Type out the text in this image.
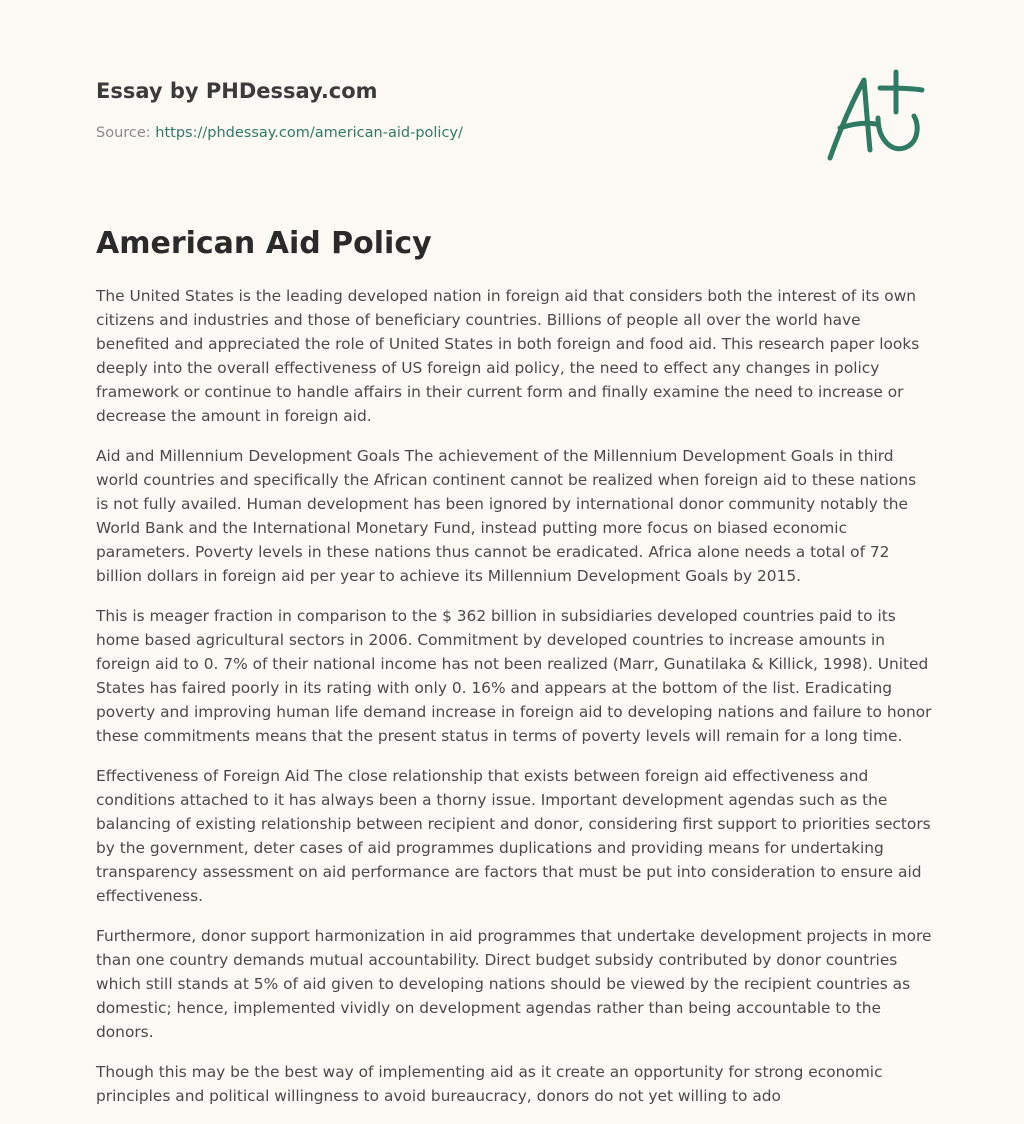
Essay by PHDessay.com
Source: https://phdessay.com/american-aid-policy/
American Aid Policy

The United States is the leading developed nation in foreign aid that considers both the interest of its own citizens and industries and those of beneficiary countries. Billions of people all over the world have benefited and appreciated the role of United States in both foreign and food aid. This research paper looks deeply into the overall effectiveness of US foreign aid policy, the need to effect any changes in policy framework or continue to handle affairs in their current form and finally examine the need to increase or decrease the amount in foreign aid.

Aid and Millennium Development Goals The achievement of the Millennium Development Goals in third world countries and specifically the African continent cannot be realized when foreign aid to these nations is not fully availed. Human development has been ignored by international donor community notably the World Bank and the International Monetary Fund, instead putting more focus on biased economic parameters. Poverty levels in these nations thus cannot be eradicated. Africa alone needs a total of 72 billion dollars in foreign aid per year to achieve its Millennium Development Goals by 2015.

This is meager fraction in comparison to the $ 362 billion in subsidiaries developed countries paid to its home based agricultural sectors in 2006. Commitment by developed countries to increase amounts in foreign aid to 0. 7% of their national income has not been realized (Marr, Gunatilaka & Killick, 1998). United States has faired poorly in its rating with only 0. 16% and appears at the bottom of the list. Eradicating poverty and improving human life demand increase in foreign aid to developing nations and failure to honor these commitments means that the present status in terms of poverty levels will remain for a long time.

Effectiveness of Foreign Aid The close relationship that exists between foreign aid effectiveness and conditions attached to it has always been a thorny issue. Important development agendas such as the balancing of existing relationship between recipient and donor, considering first support to priorities sectors by the government, deter cases of aid programmes duplications and providing means for undertaking transparency assessment on aid performance are factors that must be put into consideration to ensure aid effectiveness.

Furthermore, donor support harmonization in aid programmes that undertake development projects in more than one country demands mutual accountability. Direct budget subsidy contributed by donor countries which still stands at 5% of aid given to developing nations should be viewed by the recipient countries as domestic; hence, implemented vividly on development agendas rather than being accountable to the donors.

Though this may be the best way of implementing aid as it create an opportunity for strong economic principles and political willingness to avoid bureaucracy, donors do not yet willing to ado
